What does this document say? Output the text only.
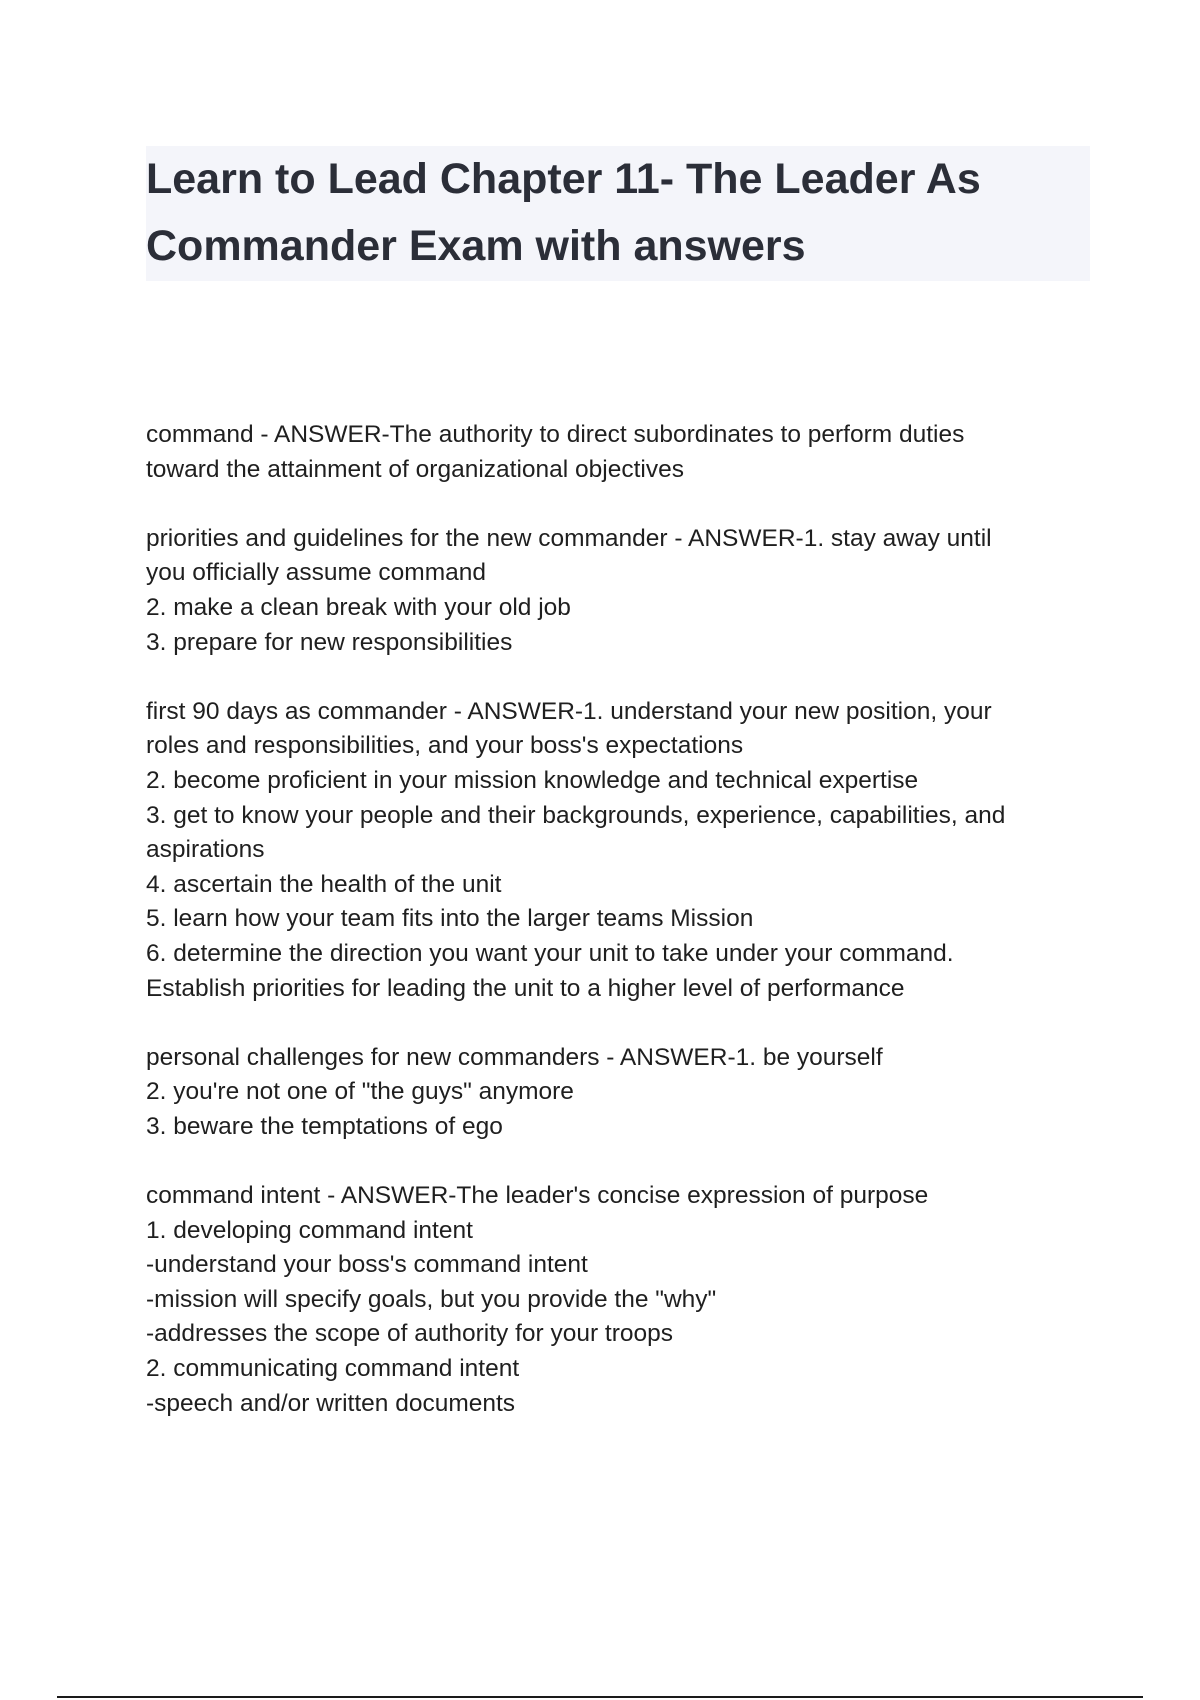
Learn to Lead Chapter 11- The Leader As
Commander Exam with answers
command - ANSWER-The authority to direct subordinates to perform duties
toward the attainment of organizational objectives
priorities and guidelines for the new commander - ANSWER-1. stay away until
you officially assume command
2. make a clean break with your old job
3. prepare for new responsibilities
first 90 days as commander - ANSWER-1. understand your new position, your
roles and responsibilities, and your boss's expectations
2. become proficient in your mission knowledge and technical expertise
3. get to know your people and their backgrounds, experience, capabilities, and
aspirations
4. ascertain the health of the unit
5. learn how your team fits into the larger teams Mission
6. determine the direction you want your unit to take under your command.
Establish priorities for leading the unit to a higher level of performance
personal challenges for new commanders - ANSWER-1. be yourself
2. you're not one of "the guys" anymore
3. beware the temptations of ego
command intent - ANSWER-The leader's concise expression of purpose
1. developing command intent
-understand your boss's command intent
-mission will specify goals, but you provide the "why"
-addresses the scope of authority for your troops
2. communicating command intent
-speech and/or written documents
